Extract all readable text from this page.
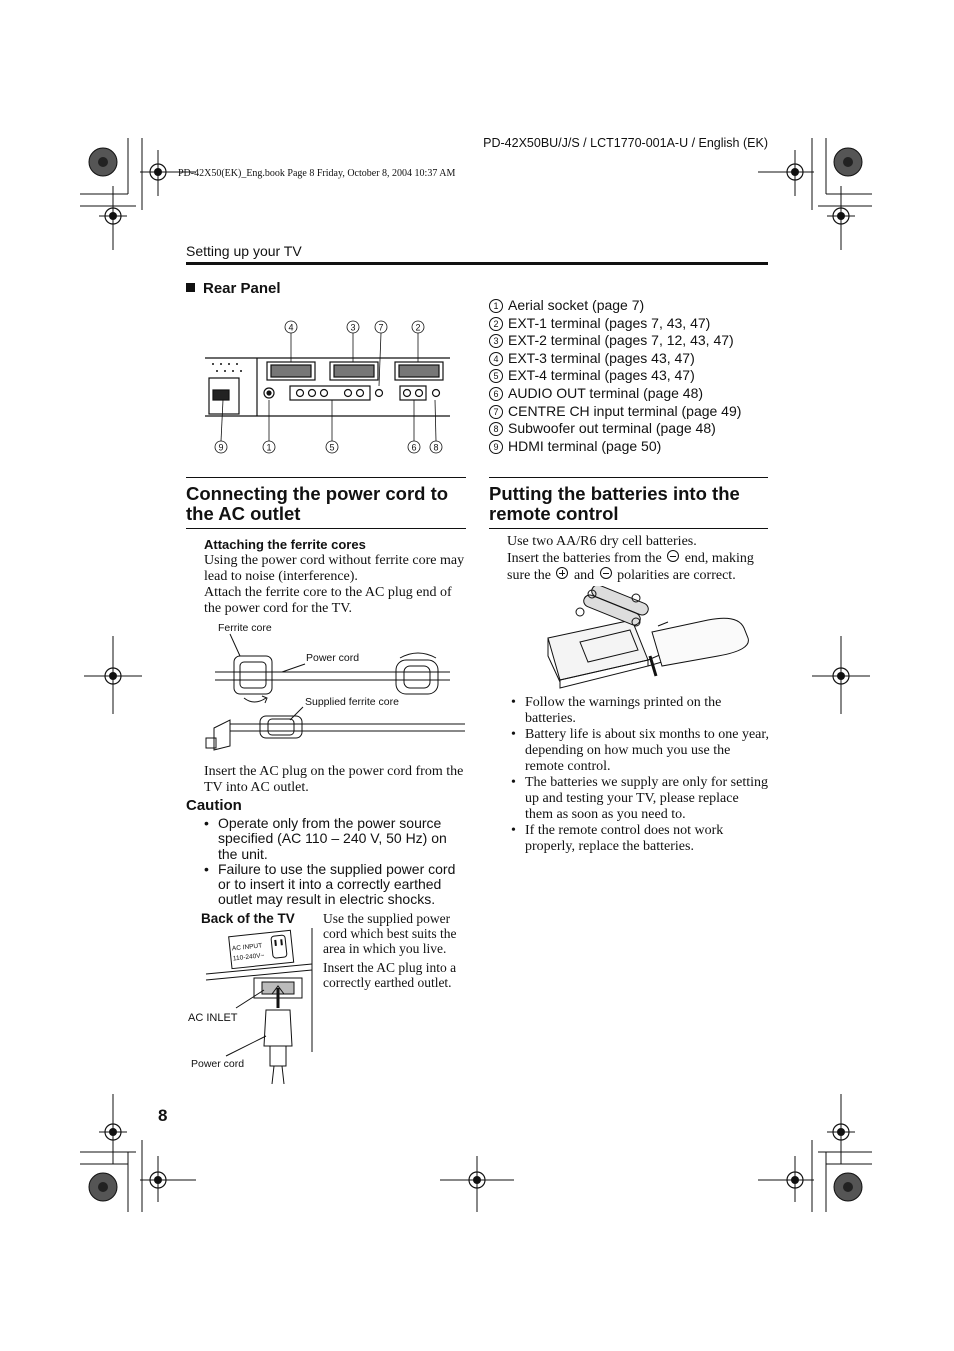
PD-42X50BU/J/S / LCT1770-001A-U / English (EK)
PD-42X50(EK)_Eng.book Page 8 Friday, October 8, 2004 10:37 AM
Setting up your TV
Rear Panel
4	3	7	2
9	1	5	6 8
1 Aerial socket (page 7)
2 EXT-1 terminal (pages 7, 43, 47)
3 EXT-2 terminal (pages 7, 12, 43, 47)
4 EXT-3 terminal (pages 43, 47)
5 EXT-4 terminal (pages 43, 47)
6 AUDIO OUT terminal (page 48)
7 CENTRE CH input terminal (page 49)
8 Subwoofer out terminal (page 48)
9 HDMI terminal (page 50)
Connecting the power cord to
the AC outlet
Attaching the ferrite cores
Using the power cord without ferrite core may lead to noise (interference).
Attach the ferrite core to the AC plug end of the power cord for the TV.
Ferrite core
Power cord
Supplied ferrite core
Insert the AC plug on the power cord from the TV into AC outlet.
Caution
• Operate only from the power source specified (AC 110 – 240 V, 50 Hz) on the unit.
• Failure to use the supplied power cord or to insert it into a correctly earthed outlet may result in electric shocks.
Back of the TV Use the supplied power cord which best suits the area in which you live.
Insert the AC plug into a correctly earthed outlet.
AC INPUT
110-240V~
AC INLET
Power cord
Putting the batteries into the
remote control
Use two AA/R6 dry cell batteries.
Insert the batteries from the end, making
sure the and polarities are correct.
• Follow the warnings printed on the batteries.
• Battery life is about six months to one year, depending on how much you use the remote control.
• The batteries we supply are only for setting up and testing your TV, please replace them as soon as you need to.
• If the remote control does not work properly, replace the batteries.
8
